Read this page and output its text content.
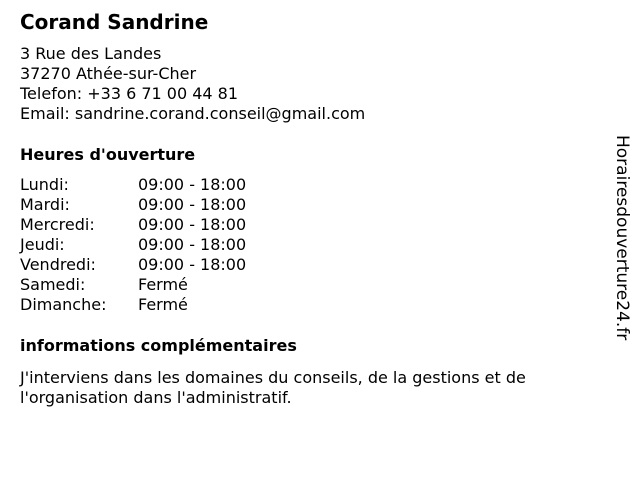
Corand Sandrine
3 Rue des Landes
37270 Athée-sur-Cher
Telefon: +33 6 71 00 44 81
Email: sandrine.corand.conseil@gmail.com
Heures d'ouverture
Lundi:	09:00 - 18:00
Mardi:	09:00 - 18:00
Mercredi:	09:00 - 18:00
Jeudi:	09:00 - 18:00
Vendredi:	09:00 - 18:00
Samedi:	Fermé
Dimanche:	Fermé
informations complémentaires
J'interviens dans les domaines du conseils, de la gestions et de l'organisation dans l'administratif.
Horairesdouverture24.fr
